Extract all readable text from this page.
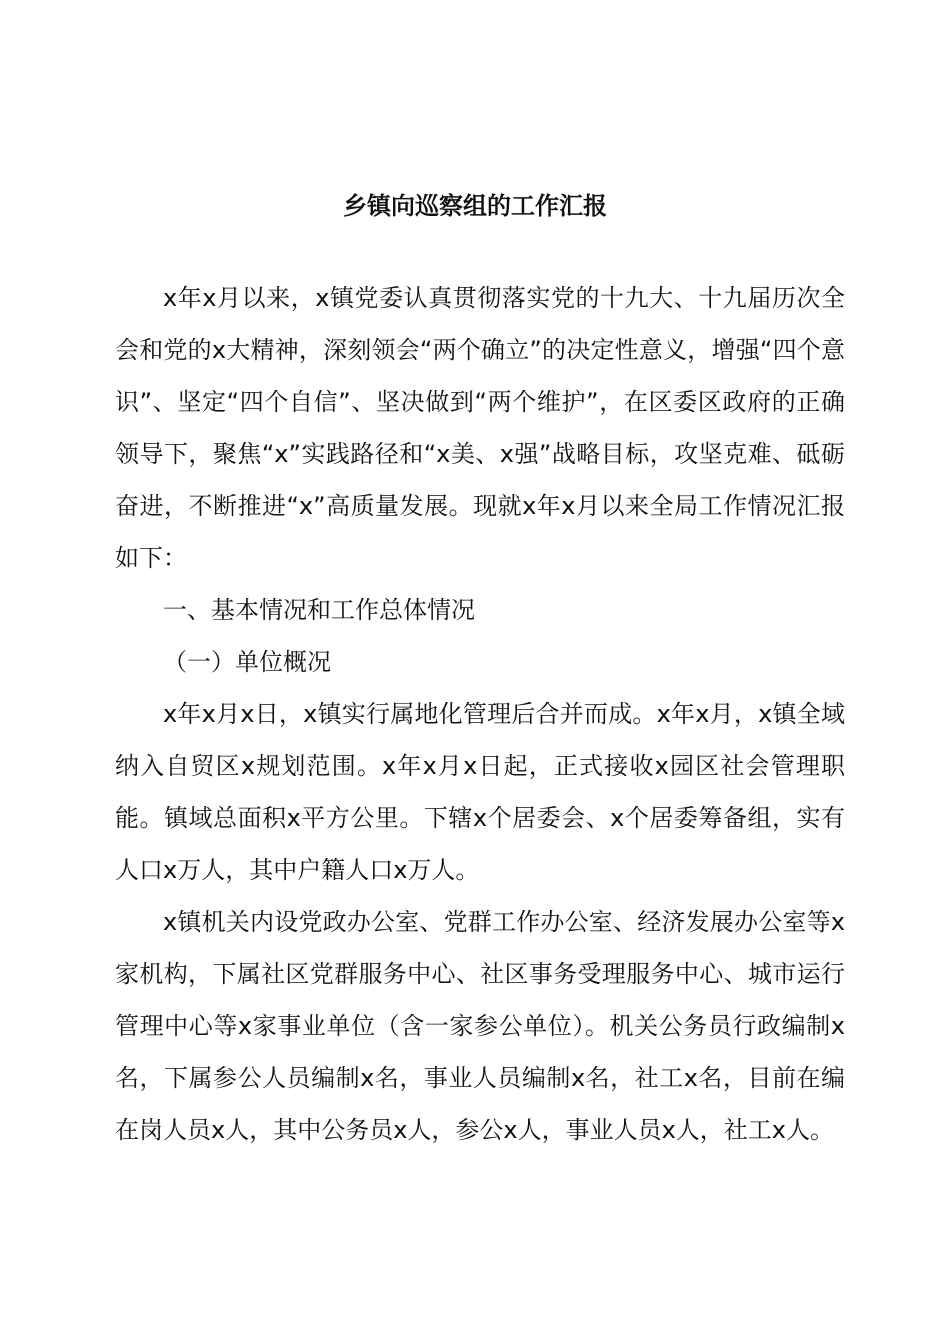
乡镇向巡察组的工作汇报

x年x月以来，x镇党委认真贯彻落实党的十九大、十九届历次全会和党的x大精神，深刻领会“两个确立”的决定性意义，增强“四个意识”、坚定“四个自信”、坚决做到“两个维护”，在区委区政府的正确领导下，聚焦“x”实践路径和“x美、x强”战略目标，攻坚克难、砥砺奋进，不断推进“x”高质量发展。现就x年x月以来全局工作情况汇报如下：

一、基本情况和工作总体情况

（一）单位概况

x年x月x日，x镇实行属地化管理后合并而成。x年x月，x镇全域纳入自贸区x规划范围。x年x月x日起，正式接收x园区社会管理职能。镇域总面积x平方公里。下辖x个居委会、x个居委筹备组，实有人口x万人，其中户籍人口x万人。

x镇机关内设党政办公室、党群工作办公室、经济发展办公室等x家机构，下属社区党群服务中心、社区事务受理服务中心、城市运行管理中心等x家事业单位（含一家参公单位）。机关公务员行政编制x名，下属参公人员编制x名，事业人员编制x名，社工x名，目前在编在岗人员x人，其中公务员x人，参公x人，事业人员x人，社工x人。
